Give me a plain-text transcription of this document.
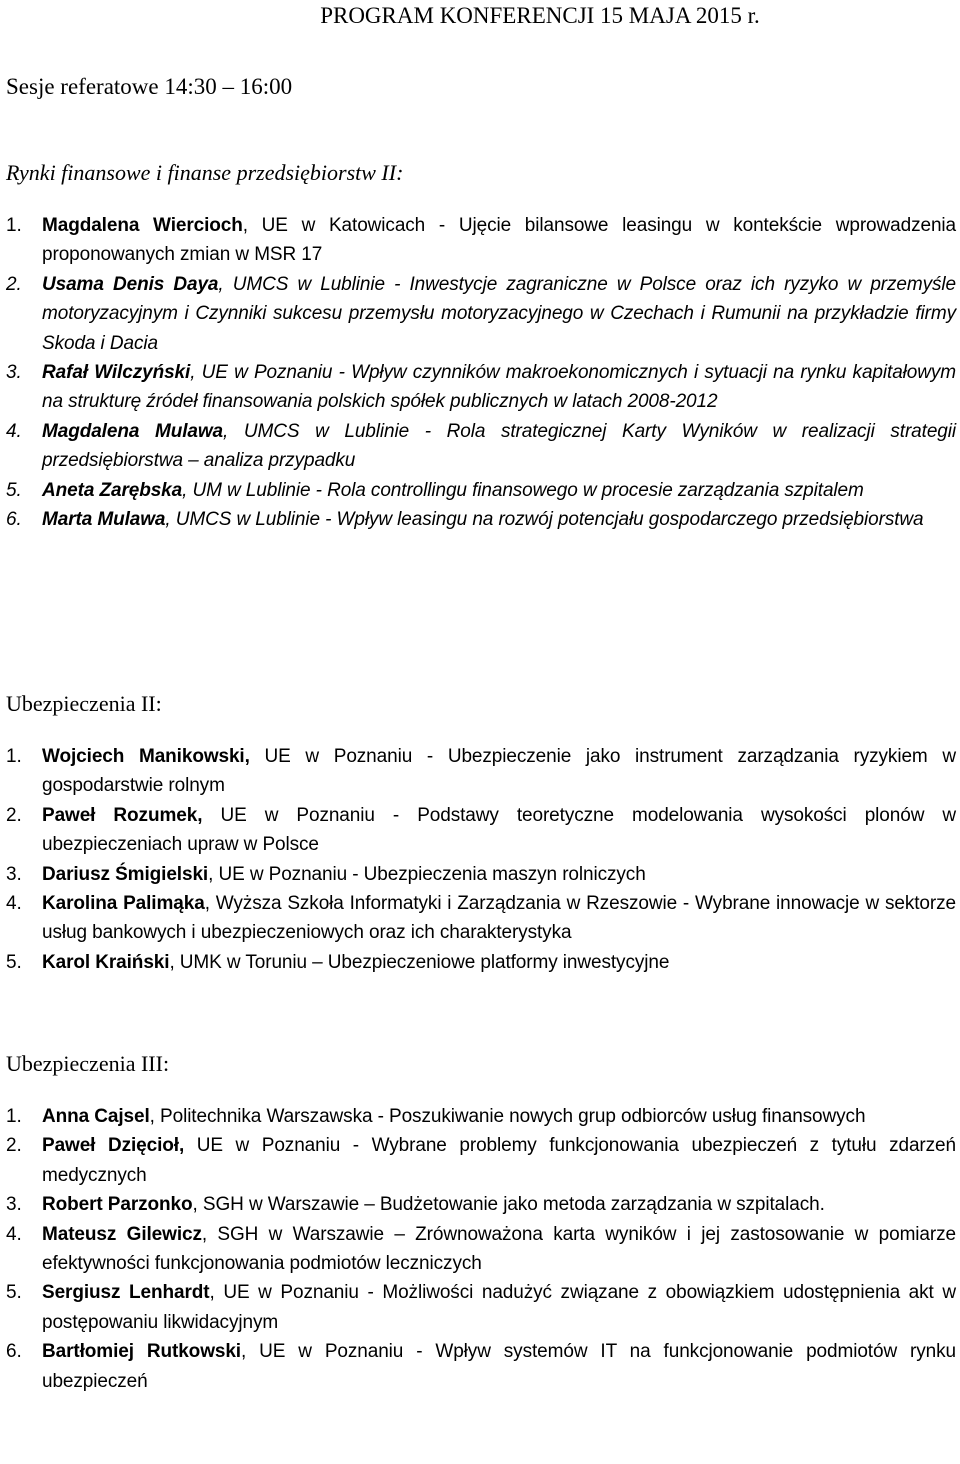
PROGRAM KONFERENCJI 15 MAJA 2015 r.
Sesje referatowe 14:30 – 16:00
Rynki finansowe i finanse przedsiębiorstw II:
1. Magdalena Wiercioch, UE w Katowicach - Ujęcie bilansowe leasingu w kontekście wprowadzenia proponowanych zmian w MSR 17
2. Usama Denis Daya, UMCS w Lublinie - Inwestycje zagraniczne w Polsce oraz ich ryzyko w przemyśle motoryzacyjnym i Czynniki sukcesu przemysłu motoryzacyjnego w Czechach i Rumunii na przykładzie firmy Skoda i Dacia
3. Rafał Wilczyński, UE w Poznaniu - Wpływ czynników makroekonomicznych i sytuacji na rynku kapitałowym na strukturę źródeł finansowania polskich spółek publicznych w latach 2008-2012
4. Magdalena Mulawa, UMCS w Lublinie - Rola strategicznej Karty Wyników w realizacji strategii przedsiębiorstwa – analiza przypadku
5. Aneta Zarębska, UM w Lublinie - Rola controllingu finansowego w procesie zarządzania szpitalem
6. Marta Mulawa, UMCS w Lublinie - Wpływ leasingu na rozwój potencjału gospodarczego przedsiębiorstwa
Ubezpieczenia II:
1. Wojciech Manikowski, UE w Poznaniu - Ubezpieczenie jako instrument zarządzania ryzykiem w gospodarstwie rolnym
2. Paweł Rozumek, UE w Poznaniu - Podstawy teoretyczne modelowania wysokości plonów w ubezpieczeniach upraw w Polsce
3. Dariusz Śmigielski, UE w Poznaniu - Ubezpieczenia maszyn rolniczych
4. Karolina Palimąka, Wyższa Szkoła Informatyki i Zarządzania w Rzeszowie - Wybrane innowacje w sektorze usług bankowych i ubezpieczeniowych oraz ich charakterystyka
5. Karol Kraiński, UMK w Toruniu – Ubezpieczeniowe platformy inwestycyjne
Ubezpieczenia III:
1. Anna Cajsel, Politechnika Warszawska - Poszukiwanie nowych grup odbiorców usług finansowych
2. Paweł Dzięcioł, UE w Poznaniu - Wybrane problemy funkcjonowania ubezpieczeń z tytułu zdarzeń medycznych
3. Robert Parzonko, SGH w Warszawie – Budżetowanie jako metoda zarządzania w szpitalach.
4. Mateusz Gilewicz, SGH w Warszawie – Zrównoważona karta wyników i jej zastosowanie w pomiarze efektywności funkcjonowania podmiotów leczniczych
5. Sergiusz Lenhardt, UE w Poznaniu - Możliwości nadużyć związane z obowiązkiem udostępnienia akt w postępowaniu likwidacyjnym
6. Bartłomiej Rutkowski, UE w Poznaniu - Wpływ systemów IT na funkcjonowanie podmiotów rynku ubezpieczeń
